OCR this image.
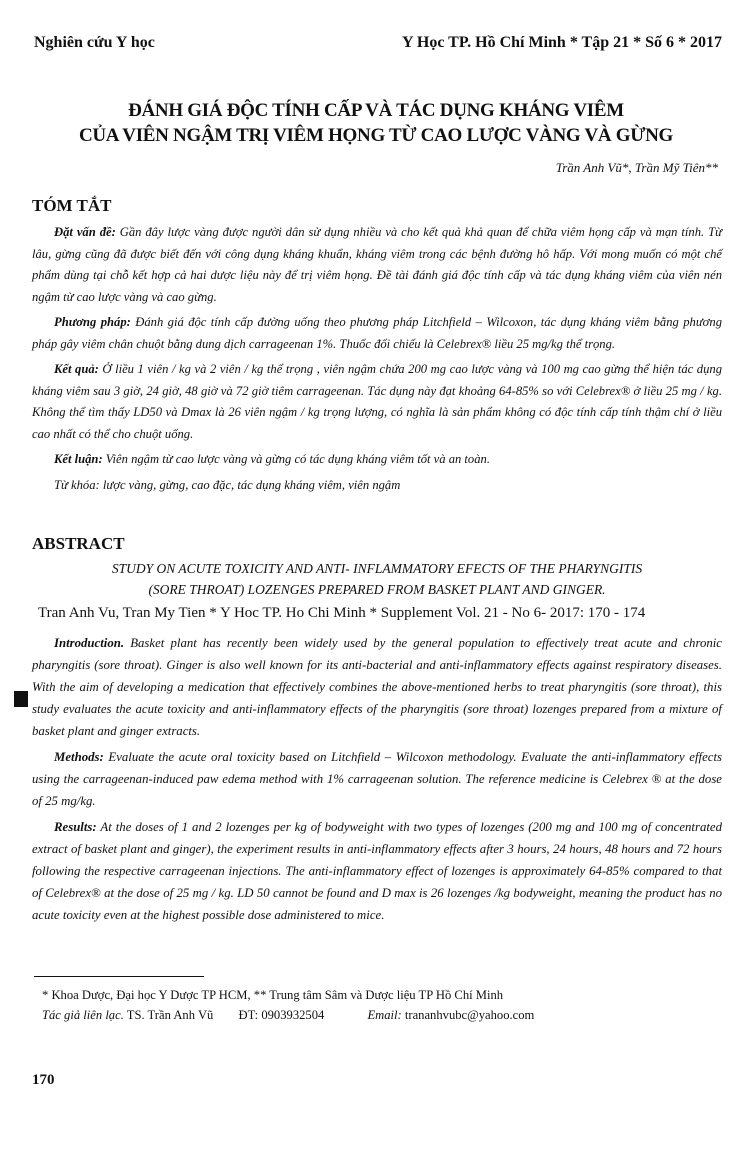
Nghiên cứu Y học	Y Học TP. Hồ Chí Minh * Tập 21 * Số 6 * 2017
ĐÁNH GIÁ ĐỘC TÍNH CẤP VÀ TÁC DỤNG KHÁNG VIÊM
CỦA VIÊN NGẬM TRỊ VIÊM HỌNG TỪ CAO LƯỢC VÀNG VÀ GỪNG
Trần Anh Vũ*, Trần Mỹ Tiên**
TÓM TẮT

Đặt vấn đề: Gần đây lược vàng được người dân sử dụng nhiều và cho kết quả khả quan để chữa viêm họng cấp và mạn tính. Từ lâu, gừng cũng đã được biết đến với công dụng kháng khuẩn, kháng viêm trong các bệnh đường hô hấp. Với mong muốn có một chế phẩm dùng tại chỗ kết hợp cả hai dược liệu này để trị viêm họng. Đề tài đánh giá độc tính cấp và tác dụng kháng viêm của viên nén ngậm từ cao lược vàng và cao gừng.

Phương pháp: Đánh giá độc tính cấp đường uống theo phương pháp Litchfield – Wilcoxon, tác dụng kháng viêm bằng phương pháp gây viêm chân chuột bằng dung dịch carrageenan 1%. Thuốc đối chiếu là Celebrex® liều 25 mg/kg thể trọng.

Kết quả: Ở liều 1 viên / kg và 2 viên / kg thể trọng , viên ngậm chứa 200 mg cao lược vàng và 100 mg cao gừng thể hiện tác dụng kháng viêm sau 3 giờ, 24 giờ, 48 giờ và 72 giờ tiêm carrageenan. Tác dụng này đạt khoảng 64-85% so với Celebrex® ở liều 25 mg / kg. Không thể tìm thấy LD50 và Dmax là 26 viên ngậm / kg trọng lượng, có nghĩa là sản phẩm không có độc tính cấp tính thậm chí ở liều cao nhất có thể cho chuột uống.

Kết luận: Viên ngậm từ cao lược vàng và gừng có tác dụng kháng viêm tốt và an toàn.

Từ khóa: lược vàng, gừng, cao đặc, tác dụng kháng viêm, viên ngậm

ABSTRACT
STUDY ON ACUTE TOXICITY AND ANTI- INFLAMMATORY EFECTS OF THE PHARYNGITIS
(SORE THROAT) LOZENGES PREPARED FROM BASKET PLANT AND GINGER.
Tran Anh Vu, Tran My Tien * Y Hoc TP. Ho Chi Minh * Supplement Vol. 21 - No 6- 2017: 170 - 174

Introduction. Basket plant has recently been widely used by the general population to effectively treat acute and chronic pharyngitis (sore throat). Ginger is also well known for its anti-bacterial and anti-inflammatory effects against respiratory diseases. With the aim of developing a medication that effectively combines the above-mentioned herbs to treat pharyngitis (sore throat), this study evaluates the acute toxicity and anti-inflammatory effects of the pharyngitis (sore throat) lozenges prepared from a mixture of basket plant and ginger extracts.

Methods: Evaluate the acute oral toxicity based on Litchfield – Wilcoxon methodology. Evaluate the anti-inflammatory effects using the carrageenan-induced paw edema method with 1% carrageenan solution. The reference medicine is Celebrex ® at the dose of 25 mg/kg.

Results: At the doses of 1 and 2 lozenges per kg of bodyweight with two types of lozenges (200 mg and 100 mg of concentrated extract of basket plant and ginger), the experiment results in anti-inflammatory effects after 3 hours, 24 hours, 48 hours and 72 hours following the respective carrageenan injections. The anti-inflammatory effect of lozenges is approximately 64-85% compared to that of Celebrex® at the dose of 25 mg / kg. LD 50 cannot be found and D max is 26 lozenges /kg bodyweight, meaning the product has no acute toxicity even at the highest possible dose administered to mice.

* Khoa Dược, Đại học Y Dược TP HCM, ** Trung tâm Sâm và Dược liệu TP Hồ Chí Minh
Tác giả liên lạc. TS. Trần Anh Vũ ĐT: 0903932504	Email: trananhvubc@yahoo.com
170
